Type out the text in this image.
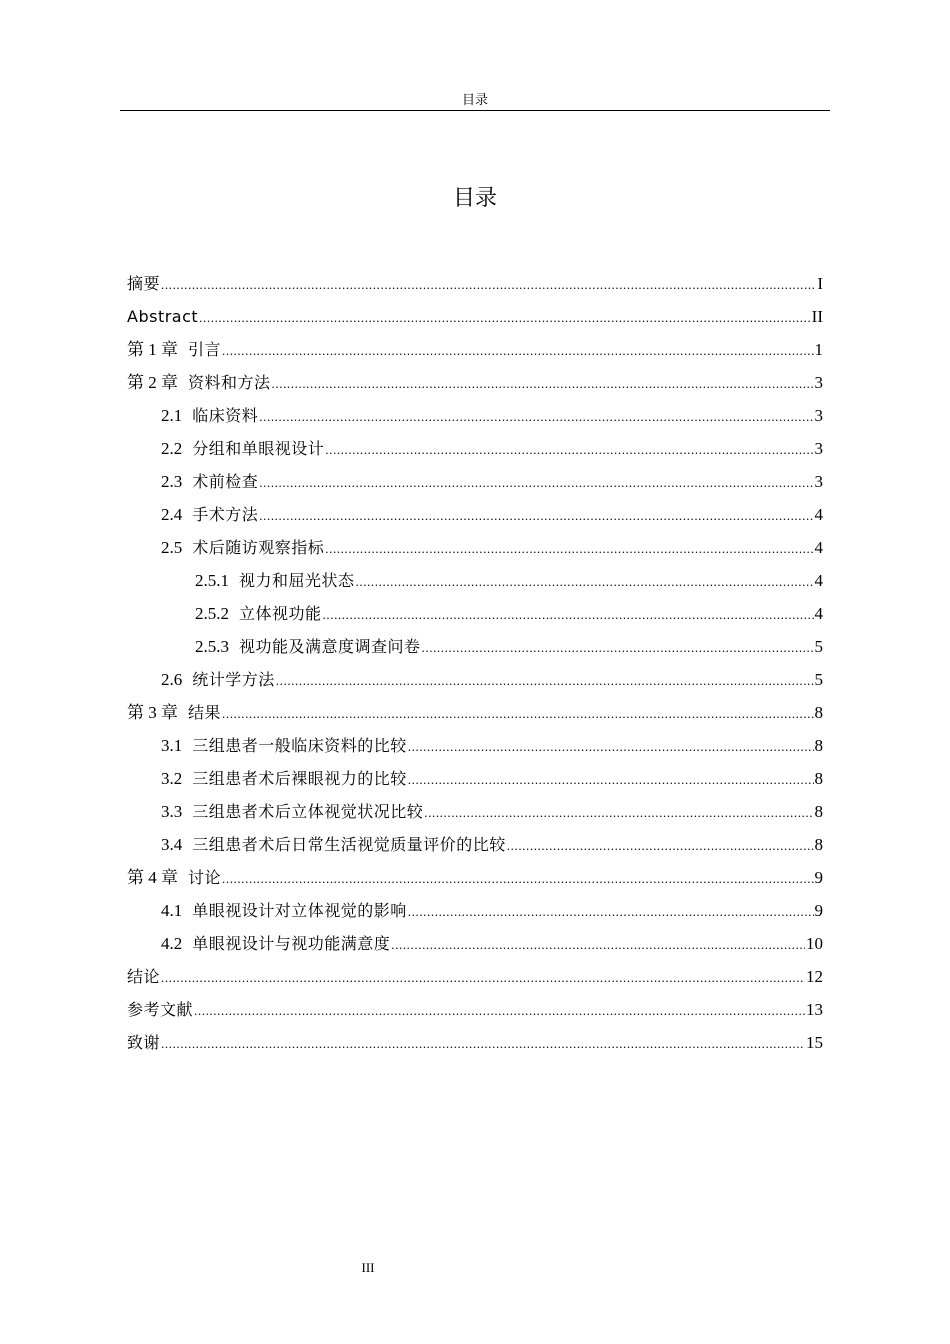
目录
目录
摘要 .....	I
Abstract .....	II
第 1 章 引言 .....	1
第 2 章 资料和方法 .....	3
2.1 临床资料 .....	3
2.2 分组和单眼视设计 .....	3
2.3 术前检查 .....	3
2.4 手术方法 .....	4
2.5 术后随访观察指标 .....	4
2.5.1 视力和屈光状态 .....	4
2.5.2 立体视功能 .....	4
2.5.3 视功能及满意度调查问卷 .....	5
2.6 统计学方法 .....	5
第 3 章 结果 .....	8
3.1 三组患者一般临床资料的比较 .....	8
3.2 三组患者术后裸眼视力的比较 .....	8
3.3 三组患者术后立体视觉状况比较 .....	8
3.4 三组患者术后日常生活视觉质量评价的比较 .....	8
第 4 章 讨论 .....	9
4.1 单眼视设计对立体视觉的影响 .....	9
4.2 单眼视设计与视功能满意度 .....	10
结论 .....	12
参考文献 .....	13
致谢 .....	15
III
